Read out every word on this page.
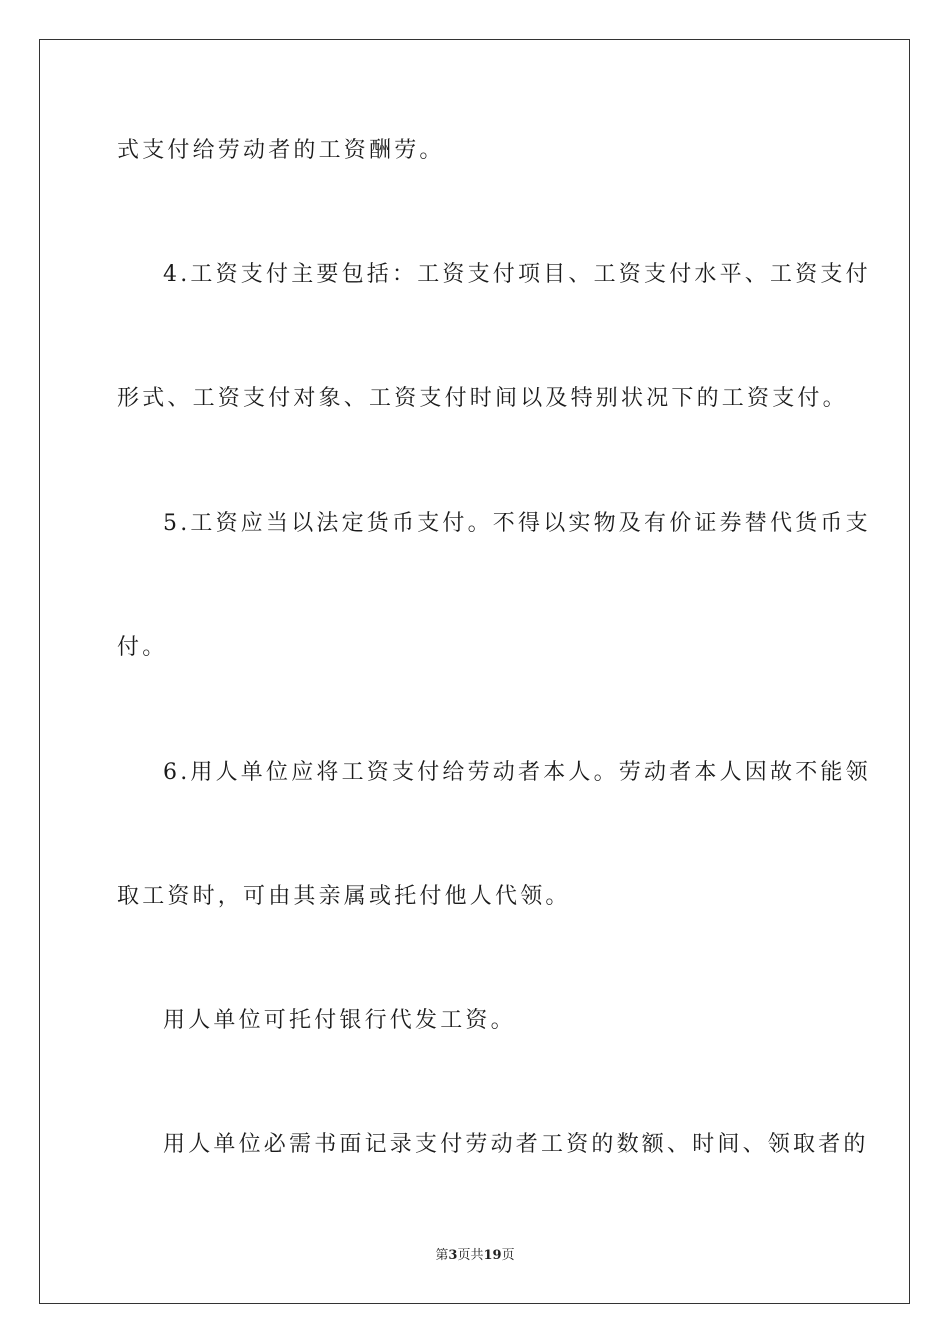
式支付给劳动者的工资酬劳。
4.工资支付主要包括：工资支付项目、工资支付水平、工资支付
形式、工资支付对象、工资支付时间以及特别状况下的工资支付。
5.工资应当以法定货币支付。不得以实物及有价证券替代货币支
付。
6.用人单位应将工资支付给劳动者本人。劳动者本人因故不能领
取工资时，可由其亲属或托付他人代领。
用人单位可托付银行代发工资。
用人单位必需书面记录支付劳动者工资的数额、时间、领取者的
第3页共19页
